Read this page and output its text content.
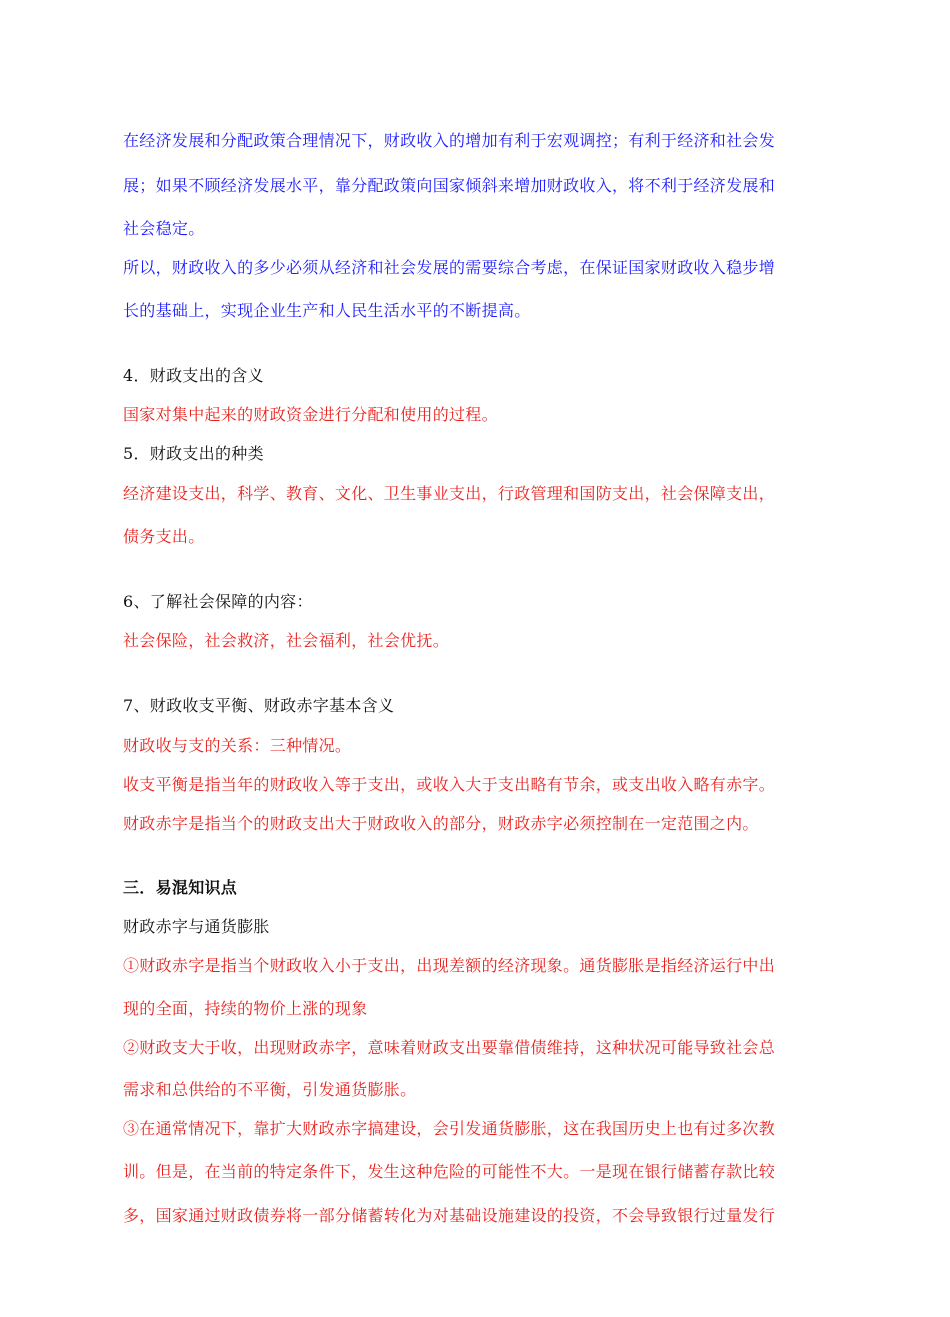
在经济发展和分配政策合理情况下，财政收入的增加有利于宏观调控；有利于经济和社会发

展；如果不顾经济发展水平，靠分配政策向国家倾斜来增加财政收入，将不利于经济发展和

社会稳定。

所以，财政收入的多少必须从经济和社会发展的需要综合考虑，在保证国家财政收入稳步增

长的基础上，实现企业生产和人民生活水平的不断提高。

4．财政支出的含义

国家对集中起来的财政资金进行分配和使用的过程。

5．财政支出的种类

经济建设支出，科学、教育、文化、卫生事业支出，行政管理和国防支出，社会保障支出，

债务支出。

6、了解社会保障的内容：

社会保险，社会救济，社会福利，社会优抚。

7、财政收支平衡、财政赤字基本含义

财政收与支的关系：三种情况。

收支平衡是指当年的财政收入等于支出，或收入大于支出略有节余，或支出收入略有赤字。

财政赤字是指当个的财政支出大于财政收入的部分，财政赤字必须控制在一定范围之内。

三．易混知识点

财政赤字与通货膨胀

①财政赤字是指当个财政收入小于支出，出现差额的经济现象。通货膨胀是指经济运行中出

现的全面，持续的物价上涨的现象

②财政支大于收，出现财政赤字，意味着财政支出要靠借债维持，这种状况可能导致社会总

需求和总供给的不平衡，引发通货膨胀。

③在通常情况下，靠扩大财政赤字搞建设，会引发通货膨胀，这在我国历史上也有过多次教

训。但是，在当前的特定条件下，发生这种危险的可能性不大。一是现在银行储蓄存款比较

多，国家通过财政债券将一部分储蓄转化为对基础设施建设的投资，不会导致银行过量发行
